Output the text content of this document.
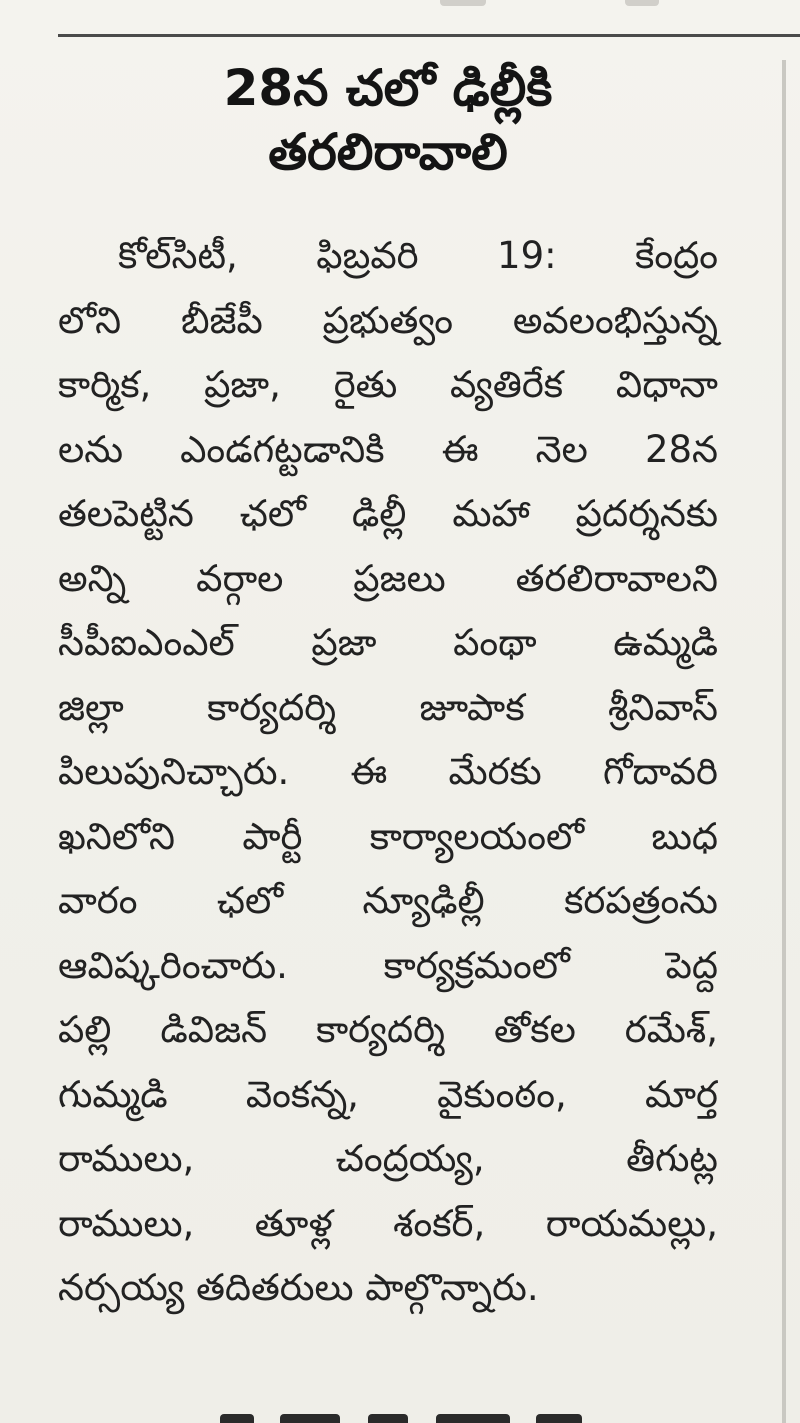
28న చలో ఢిల్లీకి
తరలిరావాలి
కోల్‌సిటీ, ఫిబ్రవరి 19: కేంద్రం
లోని బీజేపీ ప్రభుత్వం అవలంభిస్తున్న
కార్మిక, ప్రజా, రైతు వ్యతిరేక విధానా
లను ఎండగట్టడానికి ఈ నెల 28న
తలపెట్టిన ఛలో ఢిల్లీ మహా ప్రదర్శనకు
అన్ని వర్గాల ప్రజలు తరలిరావాలని
సీపీఐఎంఎల్ ప్రజా పంథా ఉమ్మడి
జిల్లా కార్యదర్శి జూపాక శ్రీనివాస్
పిలుపునిచ్చారు. ఈ మేరకు గోదావరి
ఖనిలోని పార్టీ కార్యాలయంలో బుధ
వారం ఛలో న్యూఢిల్లీ కరపత్రంను
ఆవిష్కరించారు. కార్యక్రమంలో పెద్ద
పల్లి డివిజన్ కార్యదర్శి తోకల రమేశ్‌,
గుమ్మడి వెంకన్న, వైకుంఠం, మార్త
రాములు, చంద్రయ్య, తీగుట్ల
రాములు, తూళ్ల శంకర్, రాయమల్లు,
నర్సయ్య తదితరులు పాల్గొన్నారు.
